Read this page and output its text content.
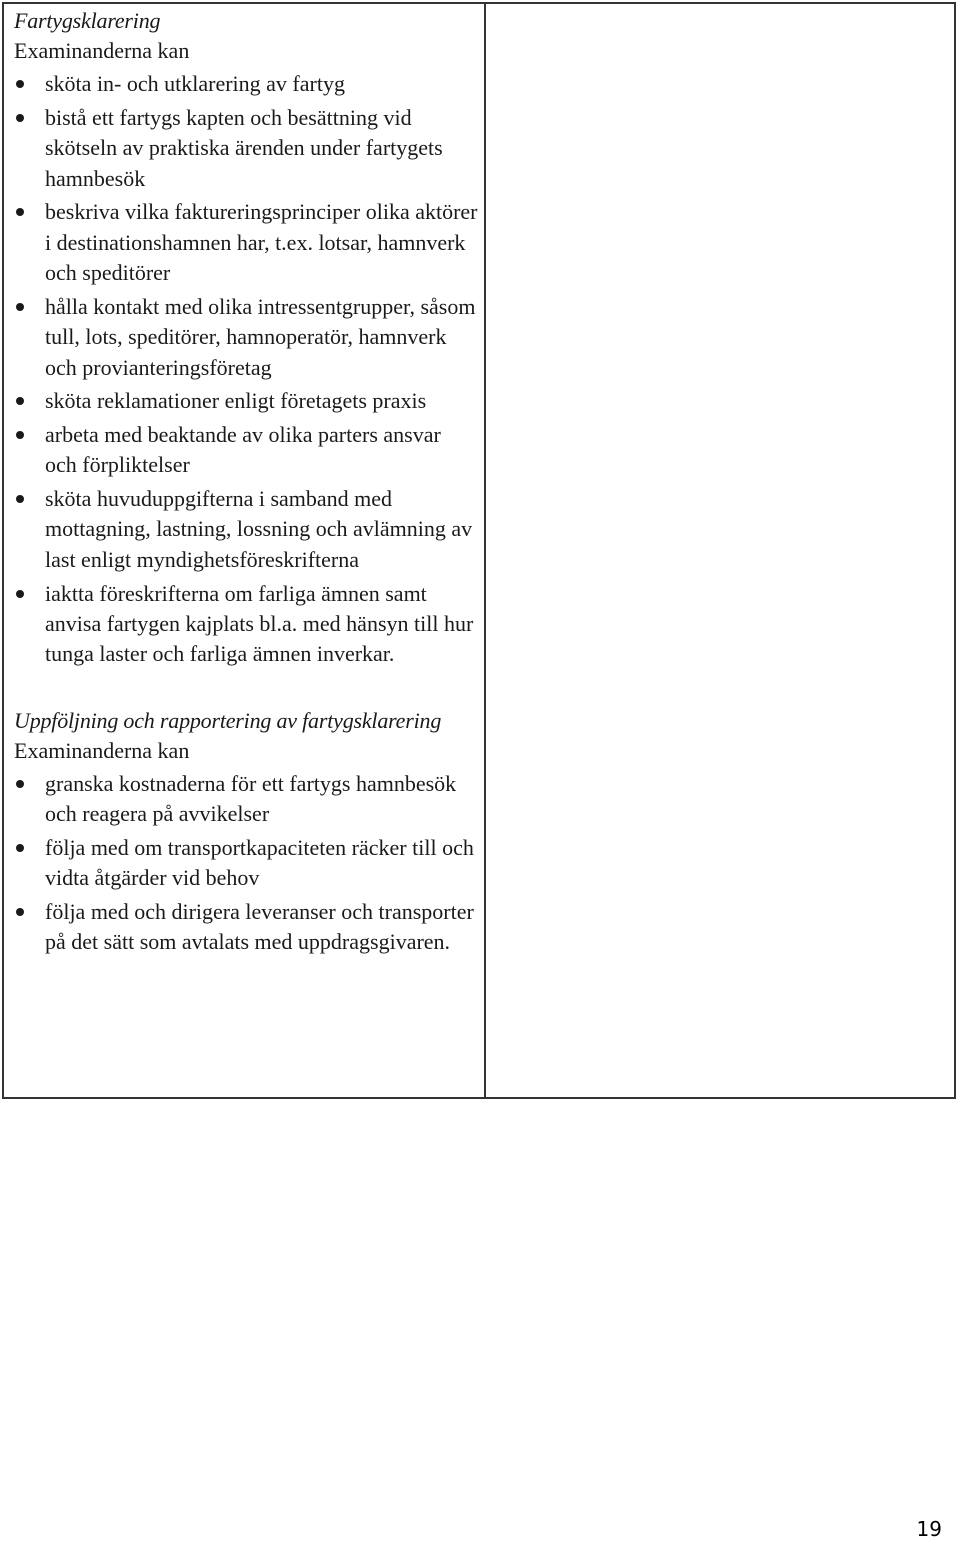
Fartygsklarering

Examinanderna kan

sköta in- och utklarering av fartyg
bistå ett fartygs kapten och besättning vid skötseln av praktiska ärenden under fartygets hamnbesök
beskriva vilka faktureringsprinciper olika aktörer i destinationshamnen har, t.ex. lotsar, hamnverk och speditörer
hålla kontakt med olika intressentgrupper, såsom tull, lots, speditörer, hamnoperatör, hamnverk och provianteringsföretag
sköta reklamationer enligt företagets praxis
arbeta med beaktande av olika parters ansvar och förpliktelser
sköta huvuduppgifterna i samband med mottagning, lastning, lossning och avlämning av last enligt myndighetsföreskrifterna
iaktta föreskrifterna om farliga ämnen samt anvisa fartygen kajplats bl.a. med hänsyn till hur tunga laster och farliga ämnen inverkar.

Uppföljning och rapportering av fartygsklarering

Examinanderna kan

granska kostnaderna för ett fartygs hamnbesök och reagera på avvikelser
följa med om transportkapaciteten räcker till och vidta åtgärder vid behov
följa med och dirigera leveranser och transporter på det sätt som avtalats med uppdragsgivaren.
19
